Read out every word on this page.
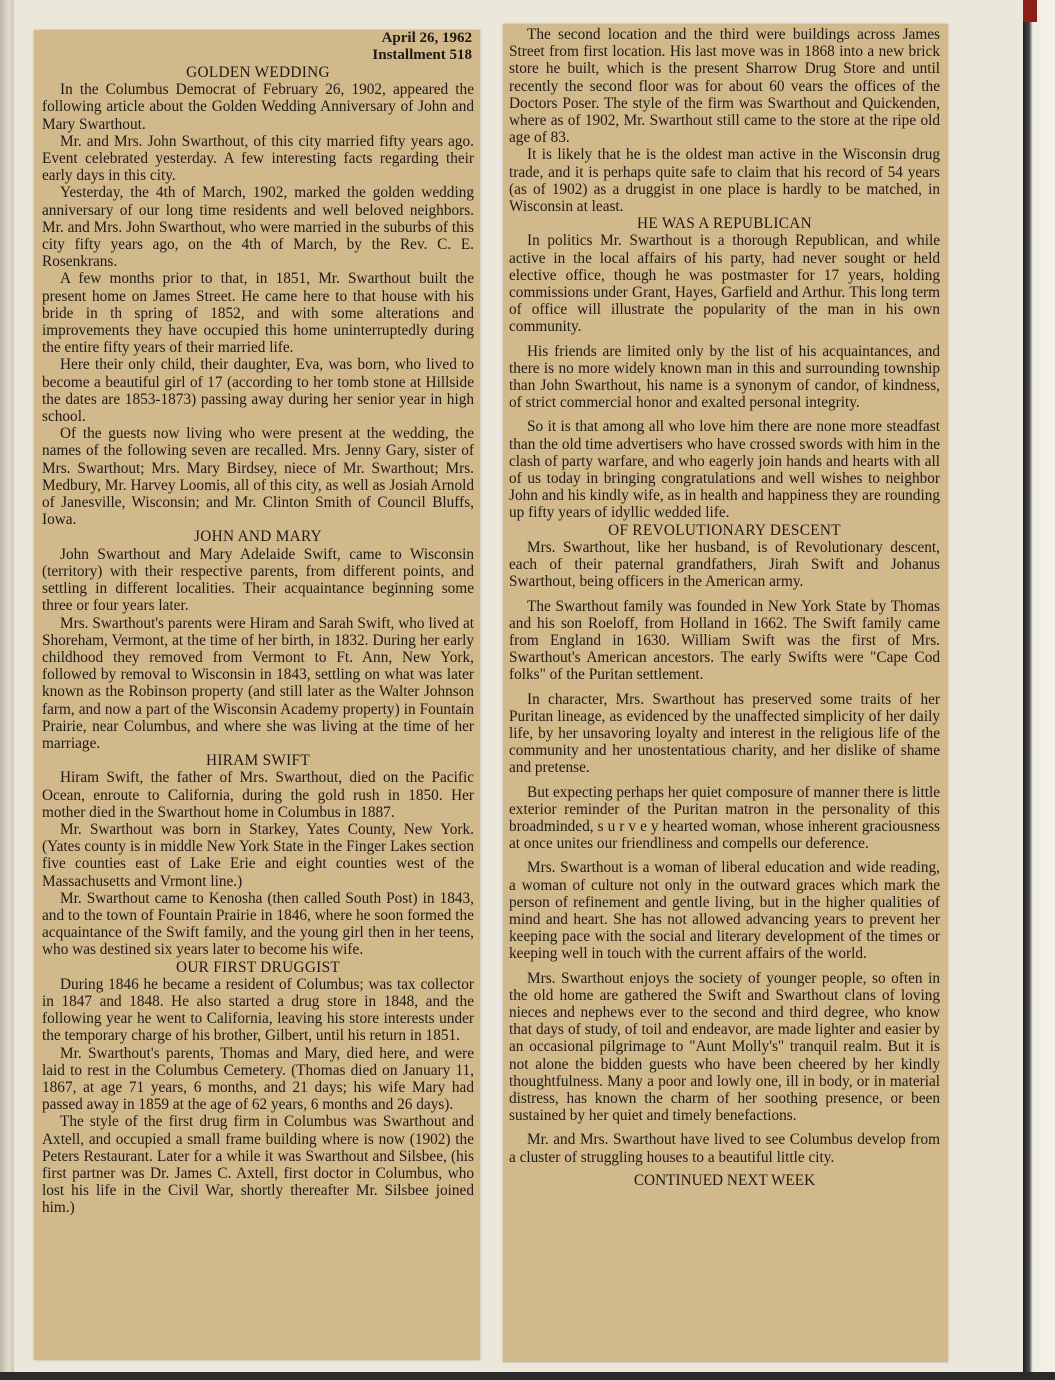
April 26, 1962
Installment 518
GOLDEN WEDDING

In the Columbus Democrat of February 26, 1902, appeared the following article about the Golden Wedding Anniversary of John and Mary Swarthout.

Mr. and Mrs. John Swarthout, of this city married fifty years ago. Event celebrated yesterday. A few interesting facts regarding their early days in this city.

Yesterday, the 4th of March, 1902, marked the golden wedding anniversary of our long time residents and well beloved neighbors. Mr. and Mrs. John Swarthout, who were married in the suburbs of this city fifty years ago, on the 4th of March, by the Rev. C. E. Rosenkrans.

A few months prior to that, in 1851, Mr. Swarthout built the present home on James Street. He came here to that house with his bride in th spring of 1852, and with some alterations and improvements they have occupied this home uninterruptedly during the entire fifty years of their married life.

Here their only child, their daughter, Eva, was born, who lived to become a beautiful girl of 17 (according to her tomb stone at Hillside the dates are 1853-1873) passing away during her senior year in high school.

Of the guests now living who were present at the wedding, the names of the following seven are recalled. Mrs. Jenny Gary, sister of Mrs. Swarthout; Mrs. Mary Birdsey, niece of Mr. Swarthout; Mrs. Medbury, Mr. Harvey Loomis, all of this city, as well as Josiah Arnold of Janesville, Wisconsin; and Mr. Clinton Smith of Council Bluffs, Iowa.

JOHN AND MARY

John Swarthout and Mary Adelaide Swift, came to Wisconsin (territory) with their respective parents, from different points, and settling in different localities. Their acquaintance beginning some three or four years later.

Mrs. Swarthout's parents were Hiram and Sarah Swift, who lived at Shoreham, Vermont, at the time of her birth, in 1832. During her early childhood they removed from Vermont to Ft. Ann, New York, followed by removal to Wisconsin in 1843, settling on what was later known as the Robinson property (and still later as the Walter Johnson farm, and now a part of the Wisconsin Academy property) in Fountain Prairie, near Columbus, and where she was living at the time of her marriage.

HIRAM SWIFT

Hiram Swift, the father of Mrs. Swarthout, died on the Pacific Ocean, enroute to California, during the gold rush in 1850. Her mother died in the Swarthout home in Columbus in 1887.

Mr. Swarthout was born in Starkey, Yates County, New York. (Yates county is in middle New York State in the Finger Lakes section five counties east of Lake Erie and eight counties west of the Massachusetts and Vrmont line.)

Mr. Swarthout came to Kenosha (then called South Post) in 1843, and to the town of Fountain Prairie in 1846, where he soon formed the acquaintance of the Swift family, and the young girl then in her teens, who was destined six years later to become his wife.

OUR FIRST DRUGGIST

During 1846 he became a resident of Columbus; was tax collector in 1847 and 1848. He also started a drug store in 1848, and the following year he went to California, leaving his store interests under the temporary charge of his brother, Gilbert, until his return in 1851.

Mr. Swarthout's parents, Thomas and Mary, died here, and were laid to rest in the Columbus Cemetery. (Thomas died on January 11, 1867, at age 71 years, 6 months, and 21 days; his wife Mary had passed away in 1859 at the age of 62 years, 6 months and 26 days).

The style of the first drug firm in Columbus was Swarthout and Axtell, and occupied a small frame building where is now (1902) the Peters Restaurant. Later for a while it was Swarthout and Silsbee, (his first partner was Dr. James C. Axtell, first doctor in Columbus, who lost his life in the Civil War, shortly thereafter Mr. Silsbee joined him.)

The second location and the third were buildings across James Street from first location. His last move was in 1868 into a new brick store he built, which is the present Sharrow Drug Store and until recently the second floor was for about 60 vears the offices of the Doctors Poser. The style of the firm was Swarthout and Quickenden, where as of 1902, Mr. Swarthout still came to the store at the ripe old age of 83.

It is likely that he is the oldest man active in the Wisconsin drug trade, and it is perhaps quite safe to claim that his record of 54 years (as of 1902) as a druggist in one place is hardly to be matched, in Wisconsin at least.

HE WAS A REPUBLICAN

In politics Mr. Swarthout is a thorough Republican, and while active in the local affairs of his party, had never sought or held elective office, though he was postmaster for 17 years, holding commissions under Grant, Hayes, Garfield and Arthur. This long term of office will illustrate the popularity of the man in his own community.

His friends are limited only by the list of his acquaintances, and there is no more widely known man in this and surrounding township than John Swarthout, his name is a synonym of candor, of kindness, of strict commercial honor and exalted personal integrity.

So it is that among all who love him there are none more steadfast than the old time advertisers who have crossed swords with him in the clash of party warfare, and who eagerly join hands and hearts with all of us today in bringing congratulations and well wishes to neighbor John and his kindly wife, as in health and happiness they are rounding up fifty years of idyllic wedded life.

OF REVOLUTIONARY DESCENT

Mrs. Swarthout, like her husband, is of Revolutionary descent, each of their paternal grandfathers, Jirah Swift and Johanus Swarthout, being officers in the American army.

The Swarthout family was founded in New York State by Thomas and his son Roeloff, from Holland in 1662. The Swift family came from England in 1630. William Swift was the first of Mrs. Swarthout's American ancestors. The early Swifts were "Cape Cod folks" of the Puritan settlement.

In character, Mrs. Swarthout has preserved some traits of her Puritan lineage, as evidenced by the unaffected simplicity of her daily life, by her unsavoring loyalty and interest in the religious life of the community and her unostentatious charity, and her dislike of shame and pretense.

But expecting perhaps her quiet composure of manner there is little exterior reminder of the Puritan matron in the personality of this broadminded, s u r v e y hearted woman, whose inherent graciousness at once unites our friendliness and compells our deference.

Mrs. Swarthout is a woman of liberal education and wide reading, a woman of culture not only in the outward graces which mark the person of refinement and gentle living, but in the higher qualities of mind and heart. She has not allowed advancing years to prevent her keeping pace with the social and literary development of the times or keeping well in touch with the current affairs of the world.

Mrs. Swarthout enjoys the society of younger people, so often in the old home are gathered the Swift and Swarthout clans of loving nieces and nephews ever to the second and third degree, who know that days of study, of toil and endeavor, are made lighter and easier by an occasional pilgrimage to "Aunt Molly's" tranquil realm. But it is not alone the bidden guests who have been cheered by her kindly thoughtfulness. Many a poor and lowly one, ill in body, or in material distress, has known the charm of her soothing presence, or been sustained by her quiet and timely benefactions.

Mr. and Mrs. Swarthout have lived to see Columbus develop from a cluster of struggling houses to a beautiful little city.

CONTINUED NEXT WEEK
